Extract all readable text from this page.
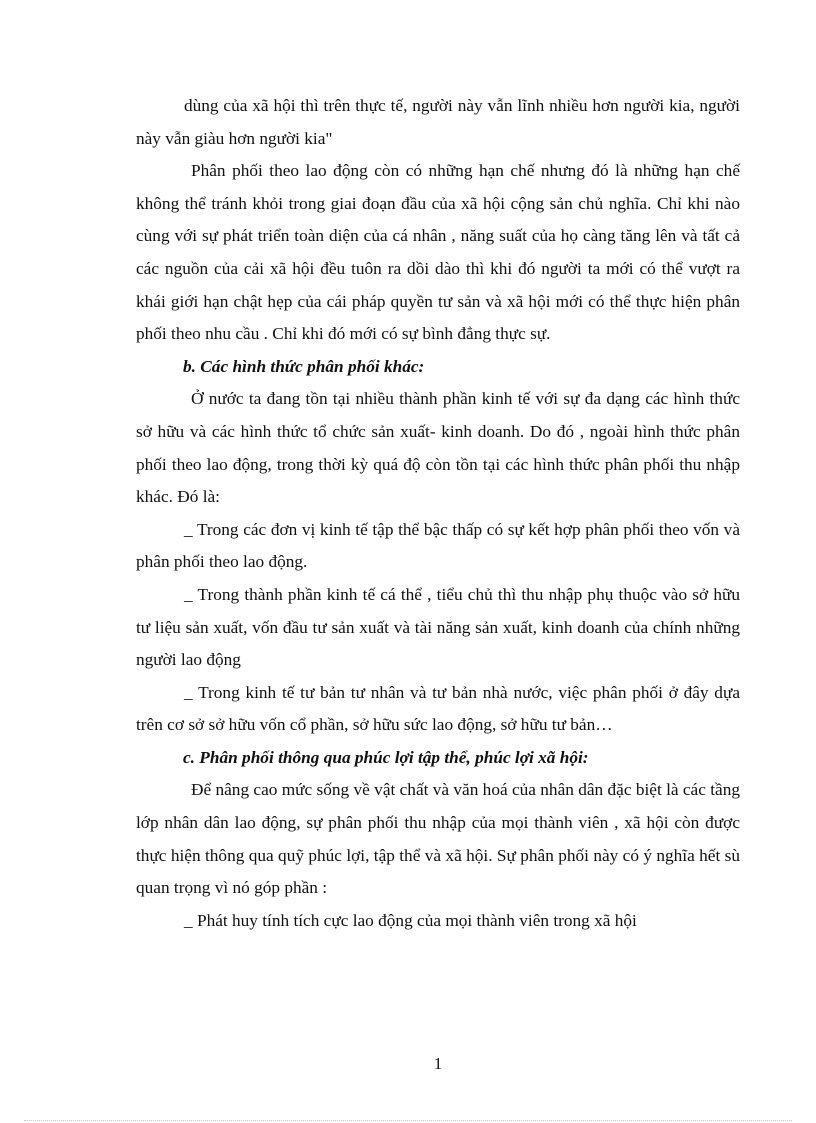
dùng của xã hội thì trên thực tế, người này vẫn lĩnh nhiều hơn người kia, người này vẫn giàu hơn người kia"

Phân phối theo lao động còn có những hạn chế nhưng đó là những hạn chế không thể tránh khỏi trong giai đoạn đầu của xã hội cộng sản chủ nghĩa. Chỉ khi nào cùng với sự phát triển toàn diện của cá nhân , năng suất của họ càng tăng lên và tất cả các nguồn của cải xã hội đều tuôn ra dồi dào thì khi đó người ta mới có thể vượt ra khái giới hạn chật hẹp của cái pháp quyền tư sản và xã hội mới có thể thực hiện phân phối theo nhu cầu . Chỉ khi đó mới có sự bình đẳng thực sự.

b. Các hình thức phân phối khác:

Ở nước ta đang tồn tại nhiều thành phần kinh tế với sự đa dạng các hình thức sở hữu và các hình thức tổ chức sản xuất- kinh doanh. Do đó , ngoài hình thức phân phối theo lao động, trong thời kỳ quá độ còn tồn tại các hình thức phân phối thu nhập khác. Đó là:

_ Trong các đơn vị kinh tế tập thể bậc thấp có sự kết hợp phân phối theo vốn và phân phối theo lao động.

_ Trong thành phần kinh tế cá thể , tiểu chủ thì thu nhập phụ thuộc vào sở hữu tư liệu sản xuất, vốn đầu tư sản xuất và tài năng sản xuất, kinh doanh của chính những người lao động

_ Trong kinh tế tư bản tư nhân và tư bản nhà nước, việc phân phối ở đây dựa trên cơ sở sở hữu vốn cổ phần, sở hữu sức lao động, sở hữu tư bản…

c. Phân phối thông qua phúc lợi tập thể, phúc lợi xã hội:

Để nâng cao mức sống về vật chất và văn hoá của nhân dân đặc biệt là các tầng lớp nhân dân lao động, sự phân phối thu nhập của mọi thành viên , xã hội còn được thực hiện thông qua quỹ phúc lợi, tập thể và xã hội. Sự phân phối này có ý nghĩa hết sù quan trọng vì nó góp phần :

_ Phát huy tính tích cực lao động của mọi thành viên trong xã hội

1
